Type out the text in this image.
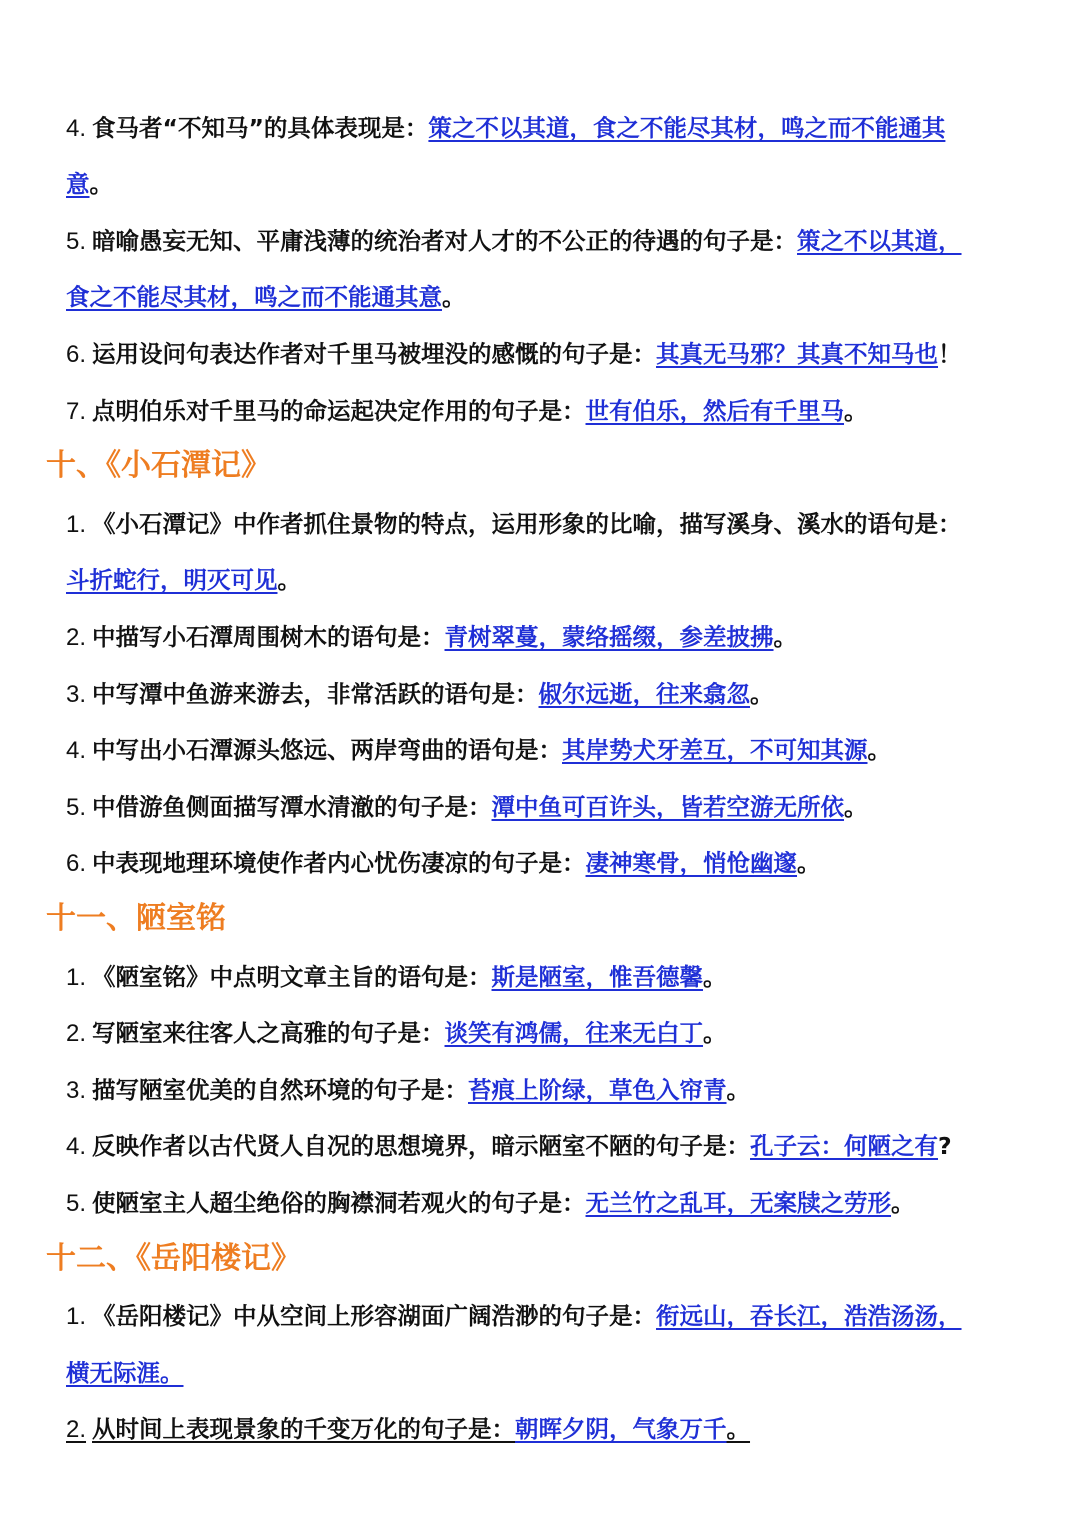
4. 食马者“不知马”的具体表现是：策之不以其道，食之不能尽其材，鸣之而不能通其
意。
5. 暗喻愚妄无知、平庸浅薄的统治者对人才的不公正的待遇的句子是：策之不以其道，
食之不能尽其材，鸣之而不能通其意。
6. 运用设问句表达作者对千里马被埋没的感慨的句子是：其真无马邪？其真不知马也！
7. 点明伯乐对千里马的命运起决定作用的句子是：世有伯乐，然后有千里马。
十、《小石潭记》
1. 《小石潭记》中作者抓住景物的特点，运用形象的比喻，描写溪身、溪水的语句是：
斗折蛇行，明灭可见。
2. 中描写小石潭周围树木的语句是：青树翠蔓，蒙络摇缀，参差披拂。
3. 中写潭中鱼游来游去，非常活跃的语句是：俶尔远逝，往来翕忽。
4. 中写出小石潭源头悠远、两岸弯曲的语句是：其岸势犬牙差互，不可知其源。
5. 中借游鱼侧面描写潭水清澈的句子是：潭中鱼可百许头，皆若空游无所依。
6. 中表现地理环境使作者内心忧伤凄凉的句子是：凄神寒骨，悄怆幽邃。
十一、陋室铭
1. 《陋室铭》中点明文章主旨的语句是：斯是陋室，惟吾德馨。
2. 写陋室来往客人之高雅的句子是：谈笑有鸿儒，往来无白丁。
3. 描写陋室优美的自然环境的句子是：苔痕上阶绿，草色入帘青。
4. 反映作者以古代贤人自况的思想境界，暗示陋室不陋的句子是：孔子云：何陋之有?
5. 使陋室主人超尘绝俗的胸襟洞若观火的句子是：无兰竹之乱耳，无案牍之劳形。
十二、《岳阳楼记》
1. 《岳阳楼记》中从空间上形容湖面广阔浩渺的句子是：衔远山，吞长江，浩浩汤汤，
横无际涯。
2. 从时间上表现景象的千变万化的句子是：朝晖夕阴，气象万千。
